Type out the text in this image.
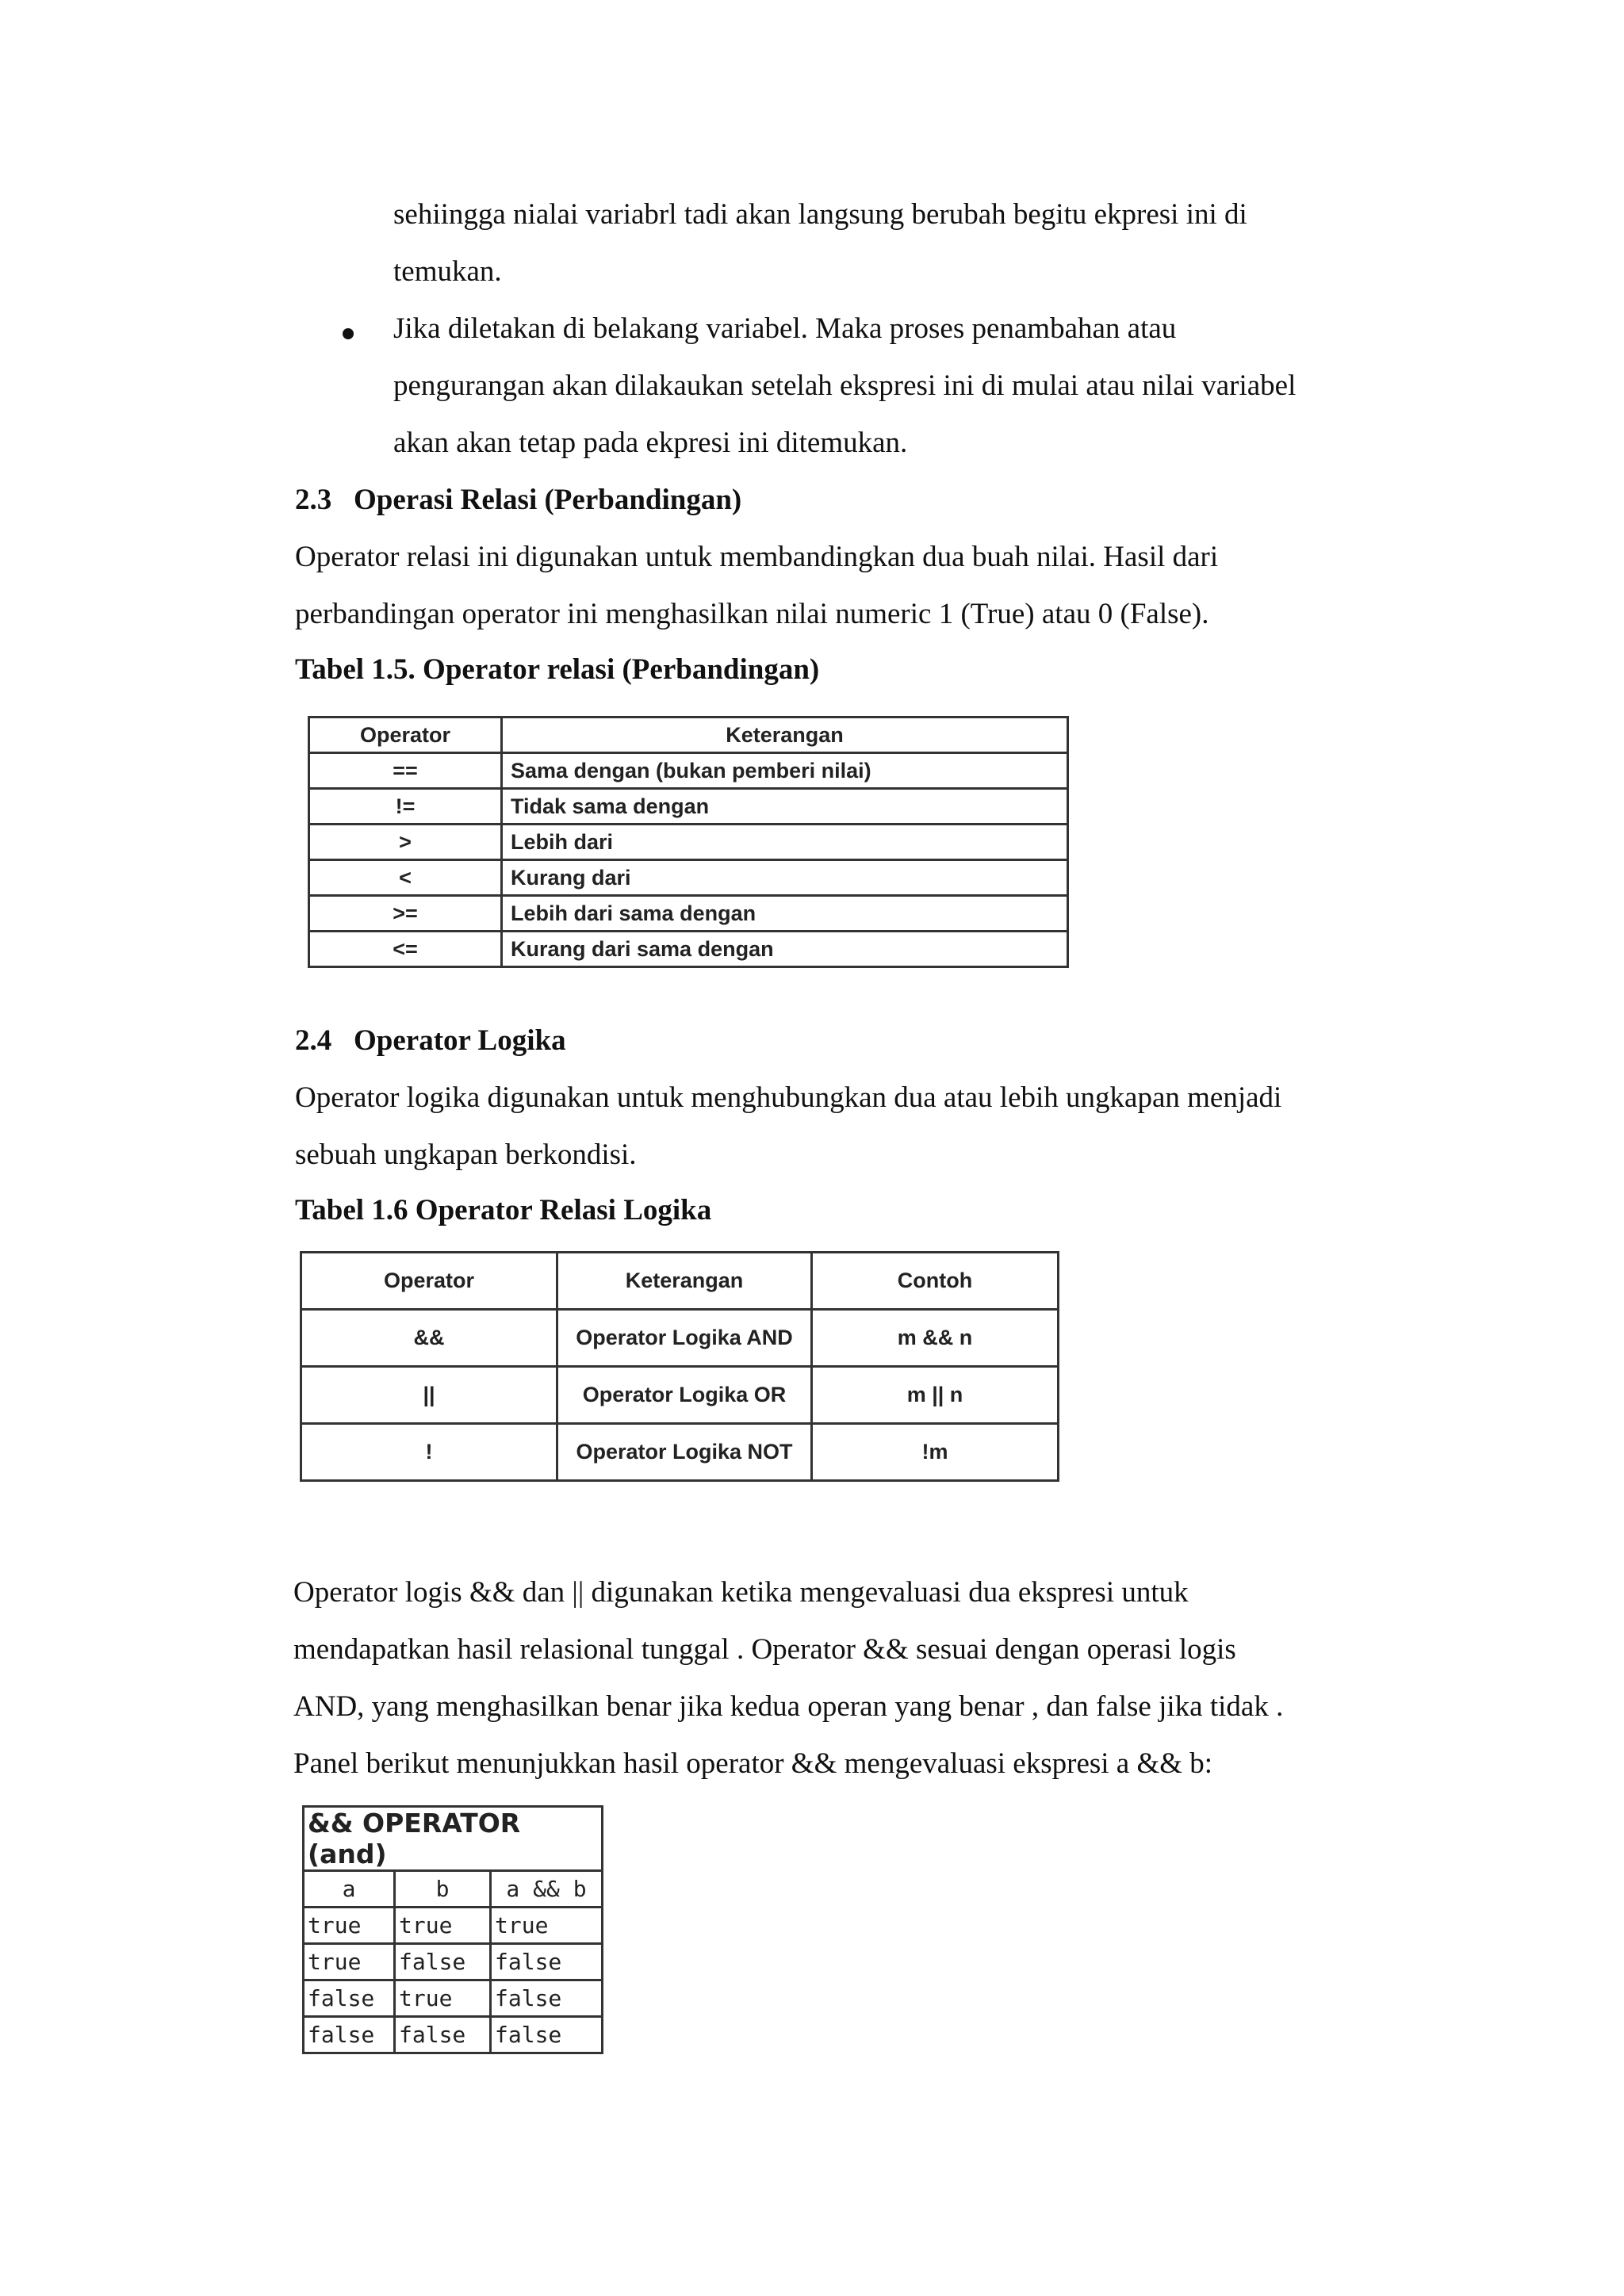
sehiingga nialai variabrl tadi akan langsung berubah begitu ekpresi ini di
temukan.
Jika diletakan di belakang variabel. Maka proses penambahan atau
pengurangan akan dilakaukan setelah ekspresi ini di mulai atau nilai variabel
akan akan tetap pada ekpresi ini ditemukan.
2.3   Operasi Relasi (Perbandingan)
Operator relasi ini digunakan untuk membandingkan dua buah nilai. Hasil dari
perbandingan operator ini menghasilkan nilai numeric 1 (True) atau 0 (False).
Tabel 1.5. Operator relasi (Perbandingan)
Operator	Keterangan
==	Sama dengan (bukan pemberi nilai)
!=	Tidak sama dengan
>	Lebih dari
<	Kurang dari
>=	Lebih dari sama dengan
<=	Kurang dari sama dengan
2.4   Operator Logika
Operator logika digunakan untuk menghubungkan dua atau lebih ungkapan menjadi
sebuah ungkapan berkondisi.
Tabel 1.6 Operator Relasi Logika
Operator	Keterangan	Contoh
&&	Operator Logika AND	m && n
||	Operator Logika OR	m || n
!	Operator Logika NOT	!m
Operator logis && dan || digunakan ketika mengevaluasi dua ekspresi untuk
mendapatkan hasil relasional tunggal . Operator && sesuai dengan operasi logis
AND, yang menghasilkan benar jika kedua operan yang benar , dan false jika tidak .
Panel berikut menunjukkan hasil operator && mengevaluasi ekspresi a && b:
&& OPERATOR (and)		
a	b	a && b
true	true	true
true	false	false
false	true	false
false	false	false
